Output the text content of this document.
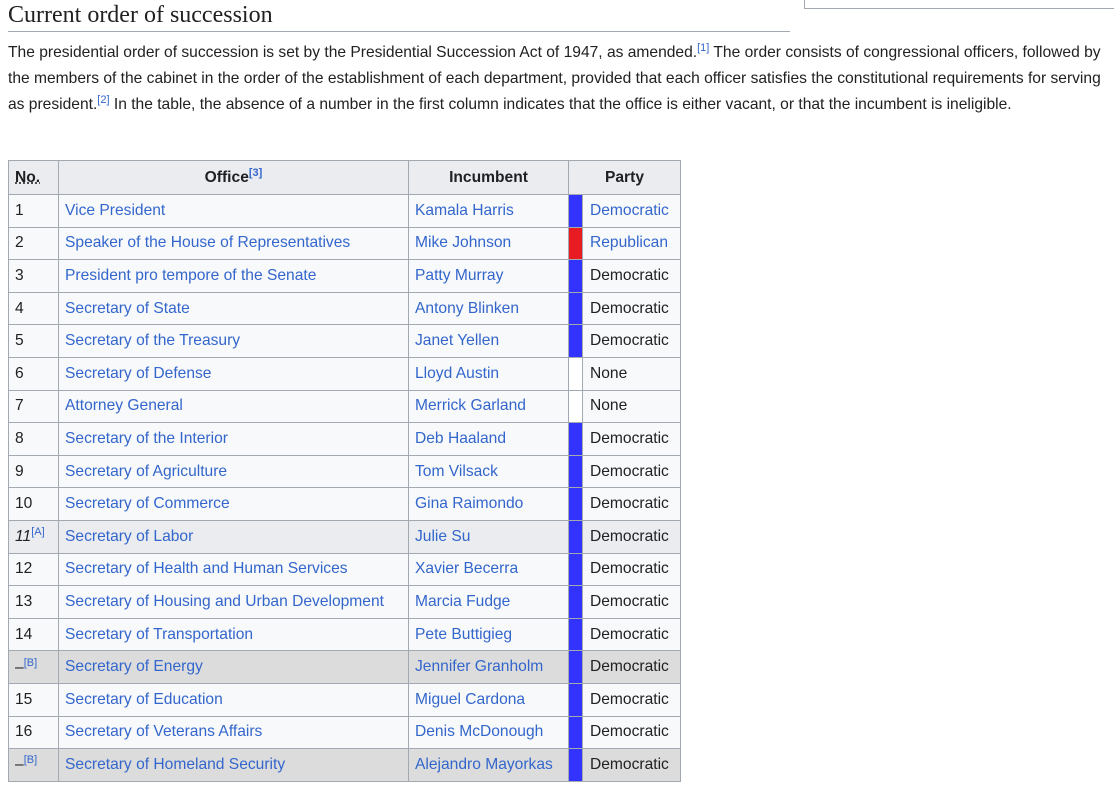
Current order of succession

The presidential order of succession is set by the Presidential Succession Act of 1947, as amended.[1] The order consists of congressional officers, followed by the members of the cabinet in the order of the establishment of each department, provided that each officer satisfies the constitutional requirements for serving as president.[2] In the table, the absence of a number in the first column indicates that the office is either vacant, or that the incumbent is ineligible.

No.	Office[3]	Incumbent	Party	
1	Vice President	Kamala Harris		Democratic
2	Speaker of the House of Representatives	Mike Johnson		Republican
3	President pro tempore of the Senate	Patty Murray		Democratic
4	Secretary of State	Antony Blinken		Democratic
5	Secretary of the Treasury	Janet Yellen		Democratic
6	Secretary of Defense	Lloyd Austin		None
7	Attorney General	Merrick Garland		None
8	Secretary of the Interior	Deb Haaland		Democratic
9	Secretary of Agriculture	Tom Vilsack		Democratic
10	Secretary of Commerce	Gina Raimondo		Democratic
11[A]	Secretary of Labor	Julie Su		Democratic
12	Secretary of Health and Human Services	Xavier Becerra		Democratic
13	Secretary of Housing and Urban Development	Marcia Fudge		Democratic
14	Secretary of Transportation	Pete Buttigieg		Democratic
–[B]	Secretary of Energy	Jennifer Granholm		Democratic
15	Secretary of Education	Miguel Cardona		Democratic
16	Secretary of Veterans Affairs	Denis McDonough		Democratic
–[B]	Secretary of Homeland Security	Alejandro Mayorkas		Democratic
